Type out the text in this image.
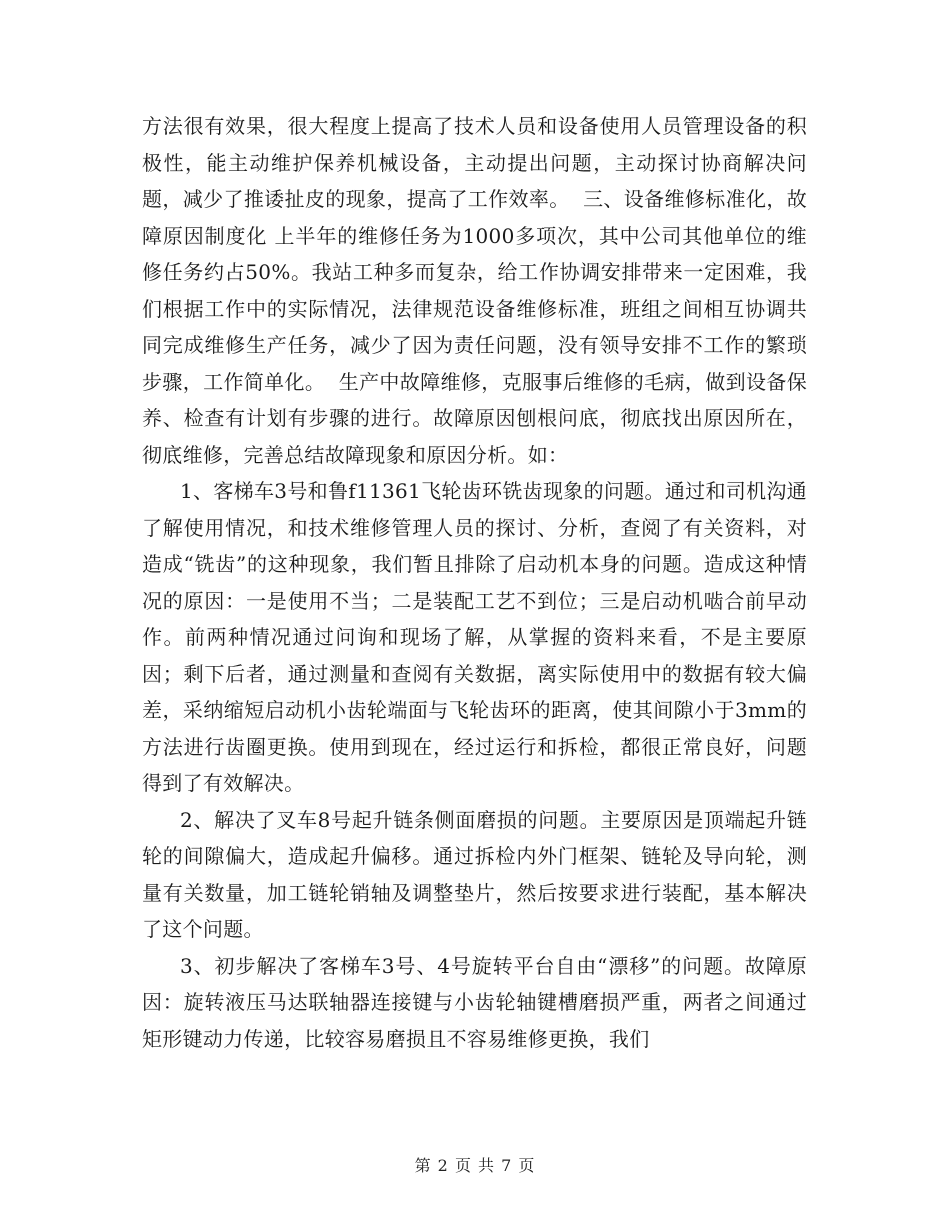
方法很有效果，很大程度上提高了技术人员和设备使用人员管理设备的积极性，能主动维护保养机械设备，主动提出问题，主动探讨协商解决问题，减少了推诿扯皮的现象，提高了工作效率。  三、设备维修标准化，故障原因制度化 上半年的维修任务为1000多项次，其中公司其他单位的维修任务约占50%。我站工种多而复杂，给工作协调安排带来一定困难，我们根据工作中的实际情况，法律规范设备维修标准，班组之间相互协调共同完成维修生产任务，减少了因为责任问题，没有领导安排不工作的繁琐步骤，工作简单化。  生产中故障维修，克服事后维修的毛病，做到设备保养、检查有计划有步骤的进行。故障原因刨根问底，彻底找出原因所在，彻底维修，完善总结故障现象和原因分析。如：

1、客梯车3号和鲁f11361飞轮齿环铣齿现象的问题。通过和司机沟通了解使用情况，和技术维修管理人员的探讨、分析，查阅了有关资料，对造成“铣齿”的这种现象，我们暂且排除了启动机本身的问题。造成这种情况的原因：一是使用不当；二是装配工艺不到位；三是启动机啮合前早动作。前两种情况通过问询和现场了解，从掌握的资料来看，不是主要原因；剩下后者，通过测量和查阅有关数据，离实际使用中的数据有较大偏差，采纳缩短启动机小齿轮端面与飞轮齿环的距离，使其间隙小于3mm的方法进行齿圈更换。使用到现在，经过运行和拆检，都很正常良好，问题得到了有效解决。

2、解决了叉车8号起升链条侧面磨损的问题。主要原因是顶端起升链轮的间隙偏大，造成起升偏移。通过拆检内外门框架、链轮及导向轮，测量有关数量，加工链轮销轴及调整垫片，然后按要求进行装配，基本解决了这个问题。

3、初步解决了客梯车3号、4号旋转平台自由“漂移”的问题。故障原因：旋转液压马达联轴器连接键与小齿轮轴键槽磨损严重，两者之间通过矩形键动力传递，比较容易磨损且不容易维修更换，我们

第 2 页 共 7 页
